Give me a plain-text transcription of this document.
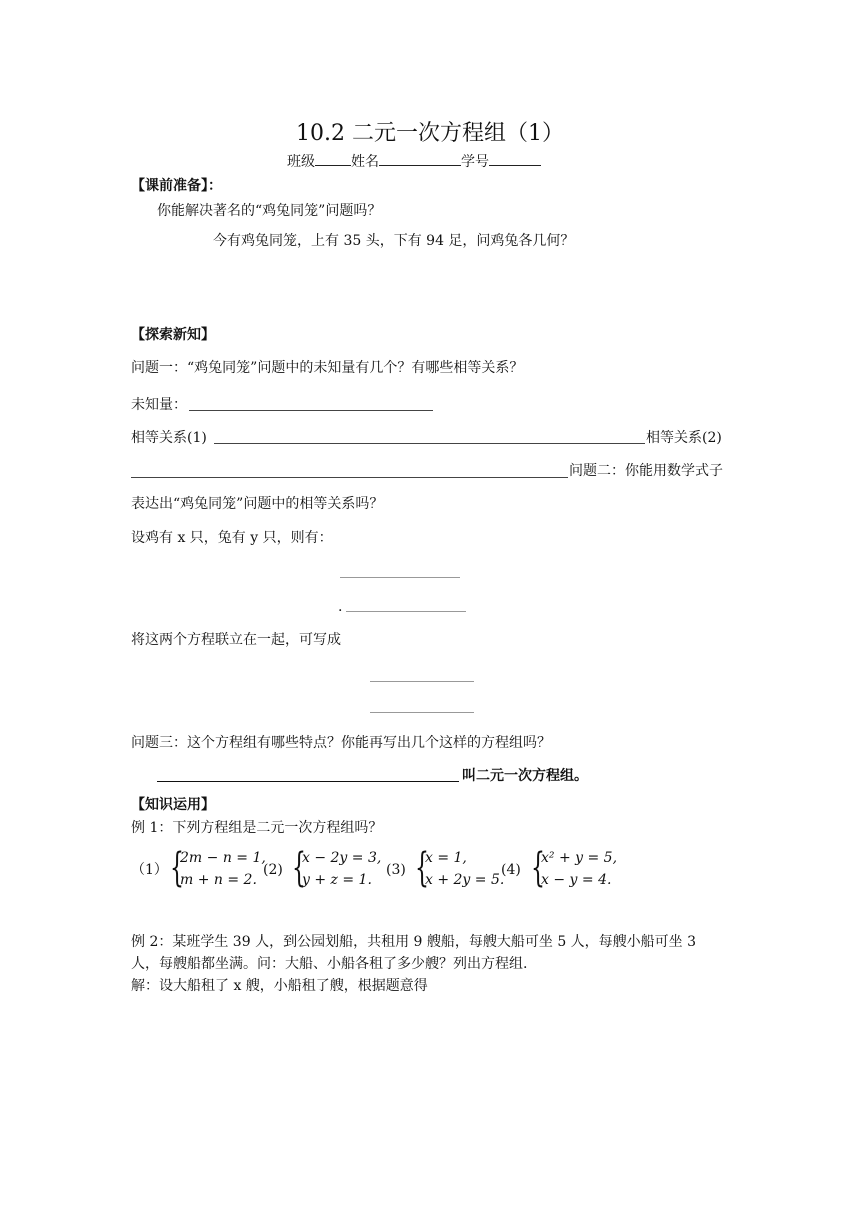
10.2 二元一次方程组（1）
班级	姓名	学号
【课前准备】：
你能解决著名的“鸡兔同笼”问题吗？
今有鸡兔同笼，上有 35 头，下有 94 足，问鸡兔各几何？
【探索新知】
问题一：“鸡兔同笼”问题中的未知量有几个？有哪些相等关系？
未知量：
相等关系(1)	相等关系(2)
问题二：你能用数学式子
表达出“鸡兔同笼”问题中的相等关系吗？
设鸡有 x 只，兔有 y 只，则有：
.
将这两个方程联立在一起，可写成
问题三：这个方程组有哪些特点？你能再写出几个这样的方程组吗？
叫二元一次方程组。
【知识运用】
例 1：下列方程组是二元一次方程组吗？
（1） {
2m − n = 1,
m + n = 2.
(2) {
x − 2y = 3,
y + z = 1.
(3) {
x = 1,
x + 2y = 5.
(4) {
x² + y = 5,
x − y = 4.
例 2：某班学生 39 人，到公园划船，共租用 9 艘船，每艘大船可坐 5 人，每艘小船可坐 3
人，每艘船都坐满。问：大船、小船各租了多少艘？列出方程组.
解：设大船租了 x 艘，小船租了艘，根据题意得
